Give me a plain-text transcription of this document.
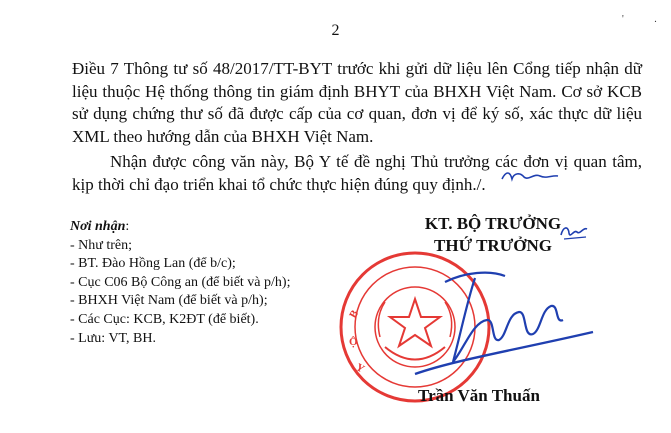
2
' .
Điều 7 Thông tư số 48/2017/TT-BYT trước khi gửi dữ liệu lên Cổng tiếp nhận dữ liệu thuộc Hệ thống thông tin giám định BHYT của BHXH Việt Nam. Cơ sở KCB sử dụng chứng thư số đã được cấp của cơ quan, đơn vị để ký số, xác thực dữ liệu XML theo hướng dẫn của BHXH Việt Nam.
Nhận được công văn này, Bộ Y tế đề nghị Thủ trưởng các đơn vị quan tâm, kịp thời chỉ đạo triển khai tổ chức thực hiện đúng quy định./.
Nơi nhận:
- Như trên;
- BT. Đào Hồng Lan (để b/c);
- Cục C06 Bộ Công an (để biết và p/h);
- BHXH Việt Nam (để biết và p/h);
- Các Cục: KCB, K2ĐT (để biết).
- Lưu: VT, BH.
B
Ộ
Y
KT. BỘ TRƯỞNG
THỨ TRƯỞNG
Trần Văn Thuấn
